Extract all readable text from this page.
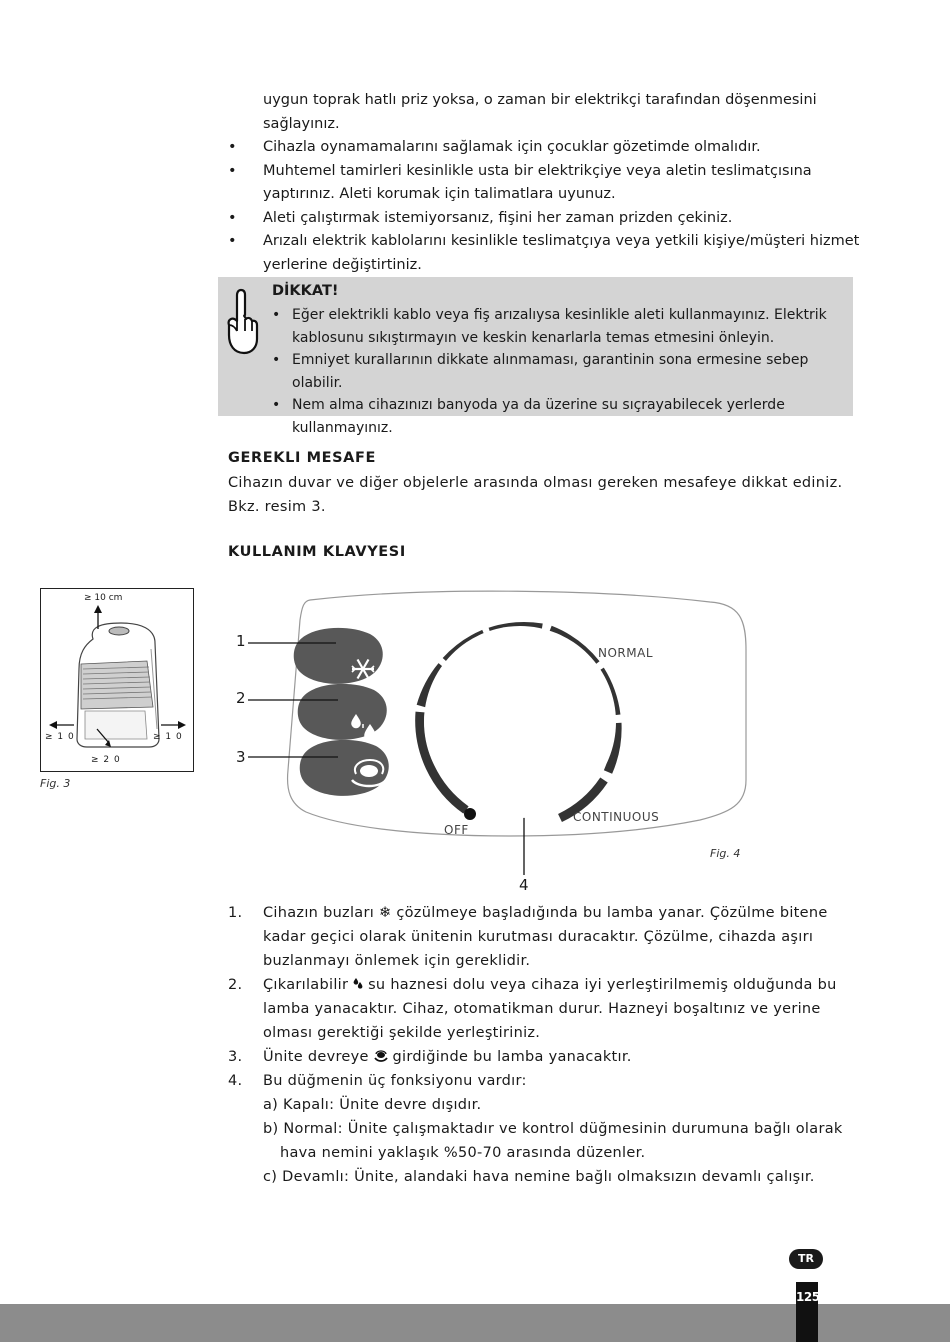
uygun toprak hatlı priz yoksa, o zaman bir elektrikçi tarafından döşenmesini sağlayınız.
• Cihazla oynamamalarını sağlamak için çocuklar gözetimde olmalıdır.
• Muhtemel tamirleri kesinlikle usta bir elektrikçiye veya aletin teslimatçısına yaptırınız. Aleti korumak için talimatlara uyunuz.
• Aleti çalıştırmak istemiyorsanız, fişini her zaman prizden çekiniz.
• Arızalı elektrik kablolarını kesinlikle teslimatçıya veya yetkili kişiye/müşteri hizmet yerlerine değiştirtiniz.
DİKKAT!
• Eğer elektrikli kablo veya fiş arızalıysa kesinlikle aleti kullanmayınız. Elektrik kablosunu sıkıştırmayın ve keskin kenarlarla temas etmesini önleyin.
• Emniyet kurallarının dikkate alınmaması, garantinin sona ermesine sebep olabilir.
• Nem alma cihazınızı banyoda ya da üzerine su sıçrayabilecek yerlerde kullanmayınız.
GEREKLI MESAFE
Cihazın duvar ve diğer objelerle arasında olması gereken mesafeye dikkat ediniz. Bkz. resim 3.
KULLANIM KLAVYESI
≥ 10 cm
≥ 1 0	≥ 1 0
≥ 2 0
Fig. 3
1
2
3
4
NORMAL
OFF
CONTINUOUS
Fig. 4
1. Cihazın buzları ❄ çözülmeye başladığında bu lamba yanar. Çözülme bitene kadar geçici olarak ünitenin kurutması duracaktır. Çözülme, cihazda aşırı buzlanmayı önlemek için gereklidir.
2. Çıkarılabilir  su haznesi dolu veya cihaza iyi yerleştirilmemiş olduğunda bu lamba yanacaktır. Cihaz, otomatikman durur. Hazneyi boşaltınız ve yerine olması gerektiği şekilde yerleştiriniz.
3. Ünite devreye  girdiğinde bu lamba yanacaktır.
4. Bu düğmenin üç fonksiyonu vardır:
a) Kapalı: Ünite devre dışıdır.
b) Normal: Ünite çalışmaktadır ve kontrol düğmesinin durumuna bağlı olarak hava nemini yaklaşık %50-70 arasında düzenler.
c) Devamlı: Ünite, alandaki hava nemine bağlı olmaksızın devamlı çalışır.
TR
125
